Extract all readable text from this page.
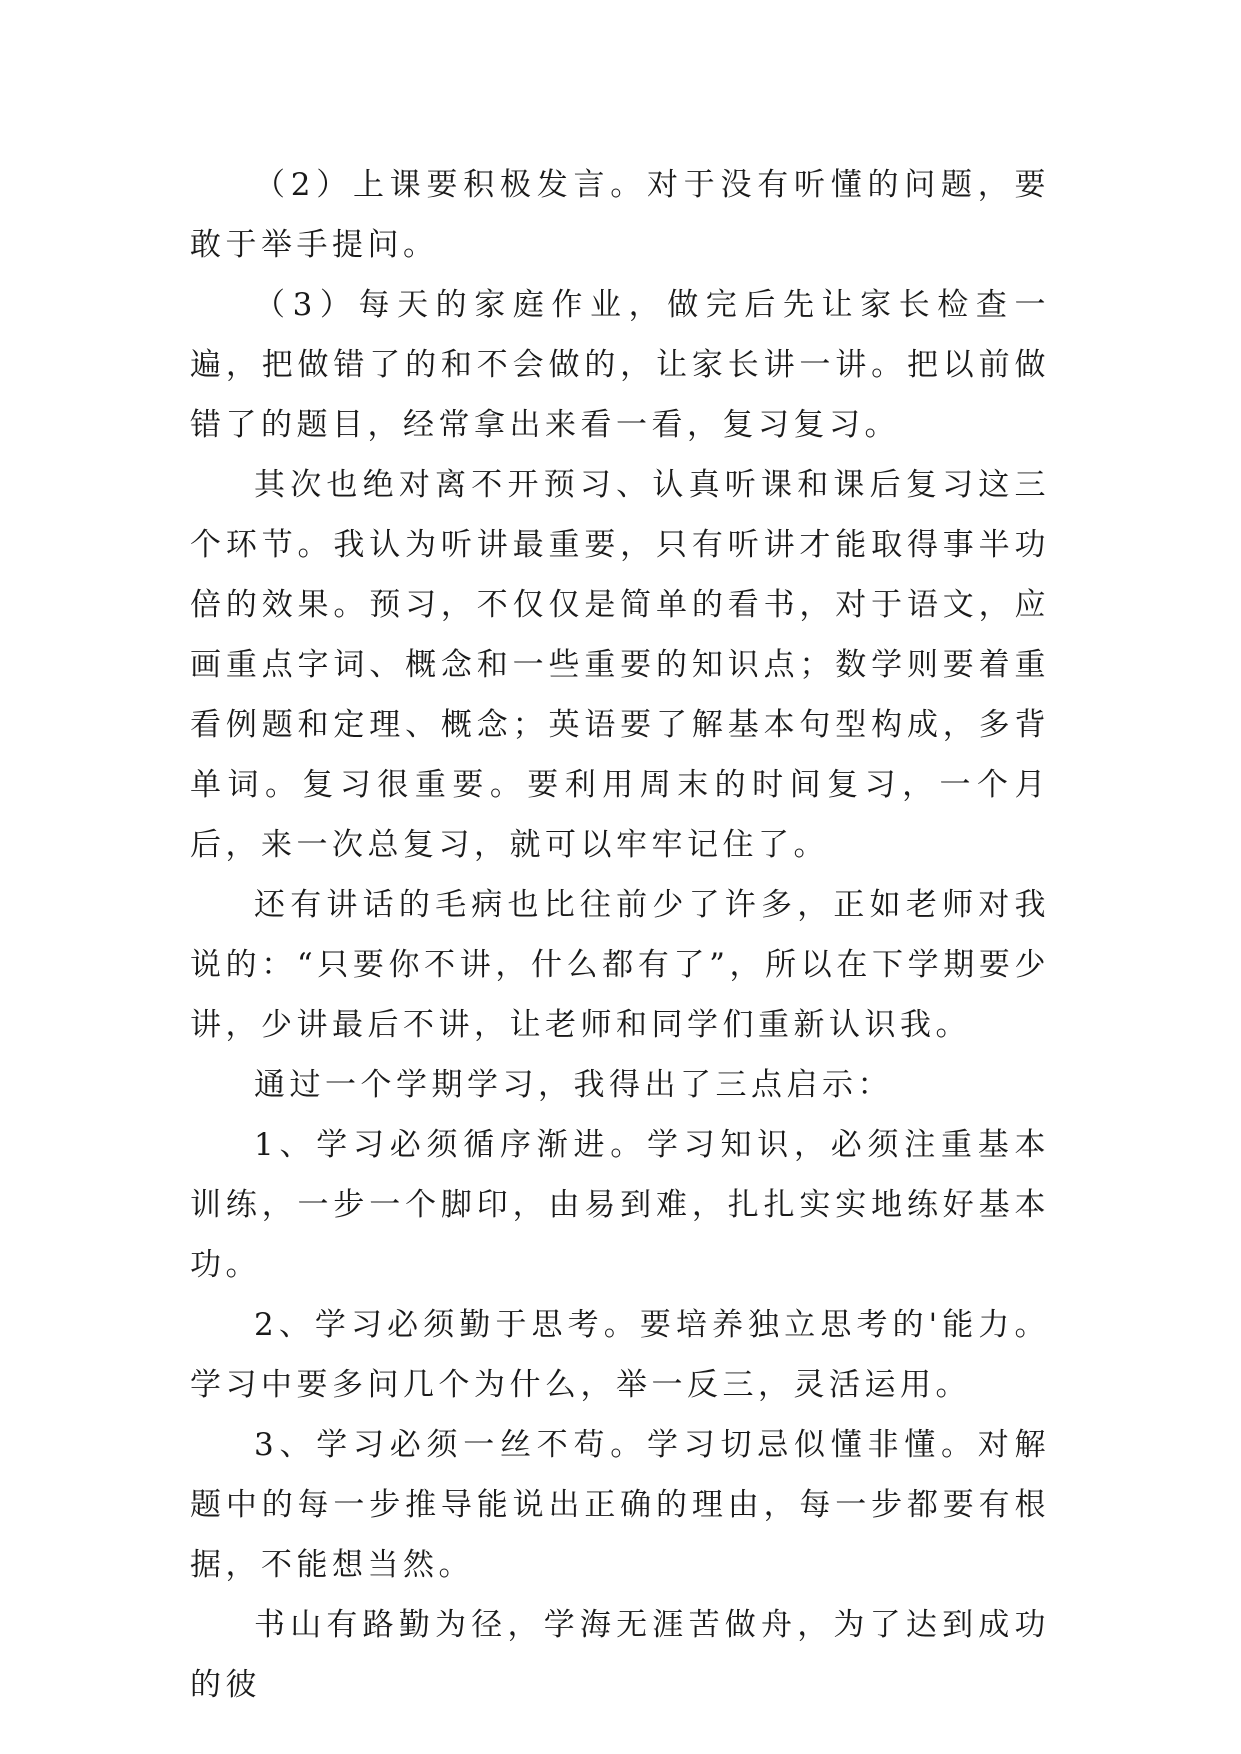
（2）上课要积极发言。对于没有听懂的问题，要敢于举手提问。

（3）每天的家庭作业，做完后先让家长检查一遍，把做错了的和不会做的，让家长讲一讲。把以前做错了的题目，经常拿出来看一看，复习复习。

其次也绝对离不开预习、认真听课和课后复习这三个环节。我认为听讲最重要，只有听讲才能取得事半功倍的效果。预习，不仅仅是简单的看书，对于语文，应画重点字词、概念和一些重要的知识点；数学则要着重看例题和定理、概念；英语要了解基本句型构成，多背单词。复习很重要。要利用周末的时间复习，一个月后，来一次总复习，就可以牢牢记住了。

还有讲话的毛病也比往前少了许多，正如老师对我说的：“只要你不讲，什么都有了”，所以在下学期要少讲，少讲最后不讲，让老师和同学们重新认识我。

通过一个学期学习，我得出了三点启示：

1、学习必须循序渐进。学习知识，必须注重基本训练，一步一个脚印，由易到难，扎扎实实地练好基本功。

2、学习必须勤于思考。要培养独立思考的'能力。学习中要多问几个为什么，举一反三，灵活运用。

3、学习必须一丝不苟。学习切忌似懂非懂。对解题中的每一步推导能说出正确的理由，每一步都要有根据，不能想当然。

书山有路勤为径，学海无涯苦做舟，为了达到成功的彼
